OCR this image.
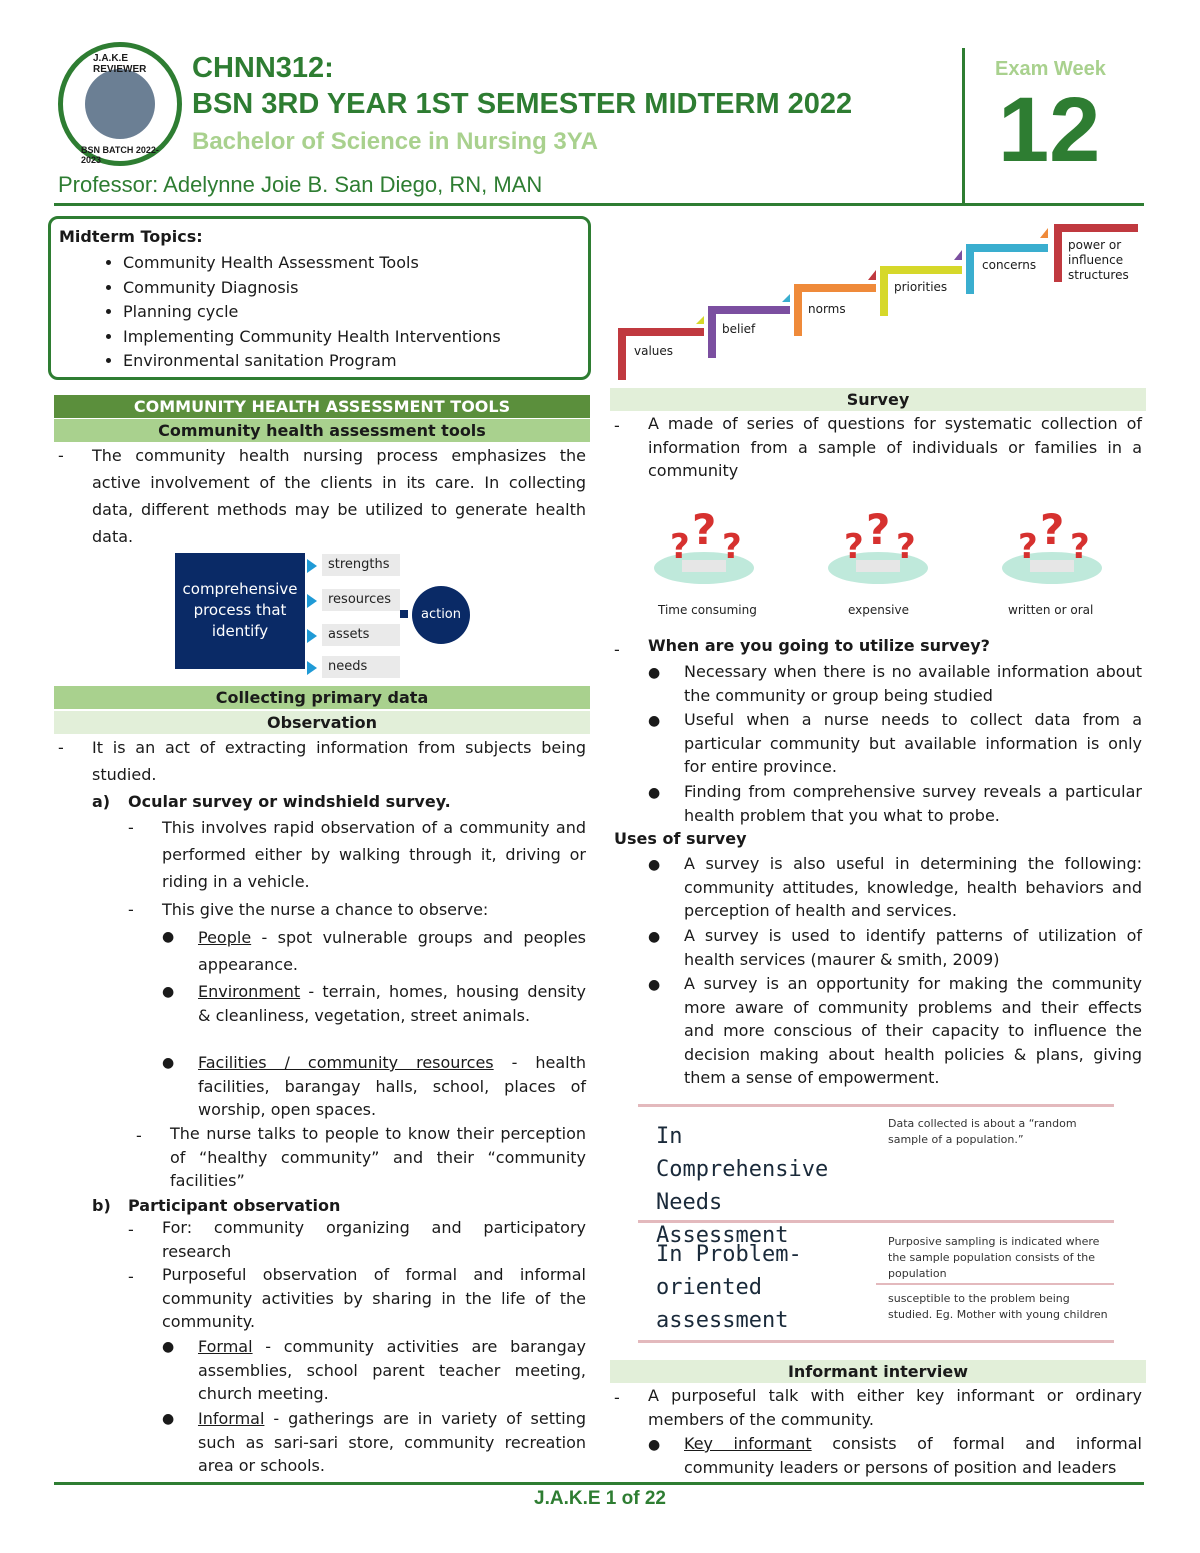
J.A.K.E REVIEWER
BSN BATCH 2022-2023
CHNN312:
BSN 3RD YEAR 1ST SEMESTER MIDTERM 2022
Bachelor of Science in Nursing 3YA
Professor: Adelynne Joie B. San Diego, RN, MAN
Exam Week
12
Midterm Topics:
• Community Health Assessment Tools
• Community Diagnosis
• Planning cycle
• Implementing Community Health Interventions
• Environmental sanitation Program
COMMUNITY HEALTH ASSESSMENT TOOLS
Community health assessment tools
- The community health nursing process emphasizes the active involvement of the clients in its care. In collecting data, different methods may be utilized to generate health data.
comprehensive process that identify
strengths
resources
assets
needs
action
Collecting primary data
Observation
- It is an act of extracting information from subjects being studied.
a) Ocular survey or windshield survey.
- This involves rapid observation of a community and performed either by walking through it, driving or riding in a vehicle.
- This give the nurse a chance to observe:
● People - spot vulnerable groups and peoples appearance.
● Environment - terrain, homes, housing density & cleanliness, vegetation, street animals.
● Facilities / community resources - health facilities, barangay halls, school, places of worship, open spaces.
- The nurse talks to people to know their perception of “healthy community” and their “community facilities”
b) Participant observation
- For: community organizing and participatory research
- Purposeful observation of formal and informal community activities by sharing in the life of the community.
● Formal - community activities are barangay assemblies, school parent teacher meeting, church meeting.
● Informal - gatherings are in variety of setting such as sari-sari store, community recreation area or schools.
values
belief
norms
priorities
concerns
power or influence structures
Survey
- A made of series of questions for systematic collection of information from a sample of individuals or families in a community
? ? ?	? ? ?	? ? ?
Time consuming	expensive	written or oral
- When are you going to utilize survey?
● Necessary when there is no available information about the community or group being studied
● Useful when a nurse needs to collect data from a particular community but available information is only for entire province.
● Finding from comprehensive survey reveals a particular health problem that you what to probe.
Uses of survey
● A survey is also useful in determining the following: community attitudes, knowledge, health behaviors and perception of health and services.
● A survey is used to identify patterns of utilization of health services (maurer & smith, 2009)
● A survey is an opportunity for making the community more aware of community problems and their effects and more conscious of their capacity to influence the decision making about health policies & plans, giving them a sense of empowerment.
In Comprehensive Needs Assessment
Data collected is about a “random sample of a population.”
In Problem-oriented assessment
Purposive sampling is indicated where the sample population consists of the population
susceptible to the problem being studied. Eg. Mother with young children
Informant interview
- A purposeful talk with either key informant or ordinary members of the community.
● Key informant consists of formal and informal community leaders or persons of position and leaders
J.A.K.E 1 of 22
